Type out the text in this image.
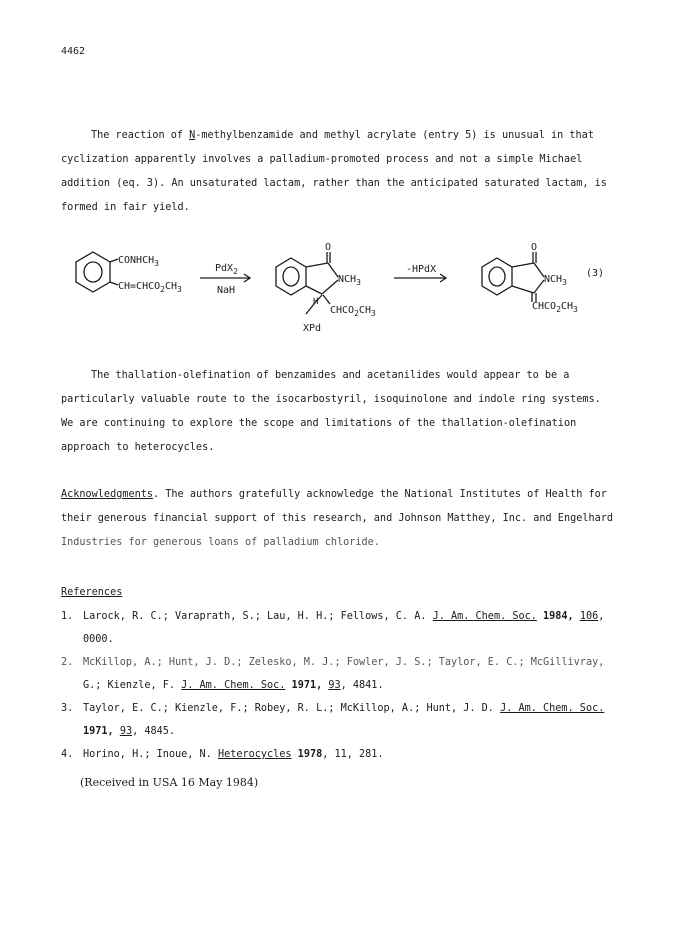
4462
The reaction of N-methylbenzamide and methyl acrylate (entry 5) is unusual in that
cyclization apparently involves a palladium-promoted process and not a simple Michael
addition (eq. 3). An unsaturated lactam, rather than the anticipated saturated lactam, is
formed in fair yield.
$CONHCH_3$
$CH=CHCO_2CH_3$
PdX$_2$
NaH
O
$NCH_3$
H
$CHCO_2CH_3$
XPd
-HPdX
O
$NCH_3$
$CHCO_2CH_3$
(3)
The thallation-olefination of benzamides and acetanilides would appear to be a
particularly valuable route to the isocarbostyril, isoquinolone and indole ring systems.
We are continuing to explore the scope and limitations of the thallation-olefination
approach to heterocycles.
Acknowledgments. The authors gratefully acknowledge the National Institutes of Health for
their generous financial support of this research, and Johnson Matthey, Inc. and Engelhard
Industries for generous loans of palladium chloride.
References
1. Larock, R. C.; Varaprath, S.; Lau, H. H.; Fellows, C. A. J. Am. Chem. Soc. 1984, 106,
0000.
2. McKillop, A.; Hunt, J. D.; Zelesko, M. J.; Fowler, J. S.; Taylor, E. C.; McGillivray,
G.; Kienzle, F. J. Am. Chem. Soc. 1971, 93, 4841.
3. Taylor, E. C.; Kienzle, F.; Robey, R. L.; McKillop, A.; Hunt, J. D. J. Am. Chem. Soc.
1971, 93, 4845.
4. Horino, H.; Inoue, N. Heterocycles 1978, 11, 281.
(Received in USA 16 May 1984)
